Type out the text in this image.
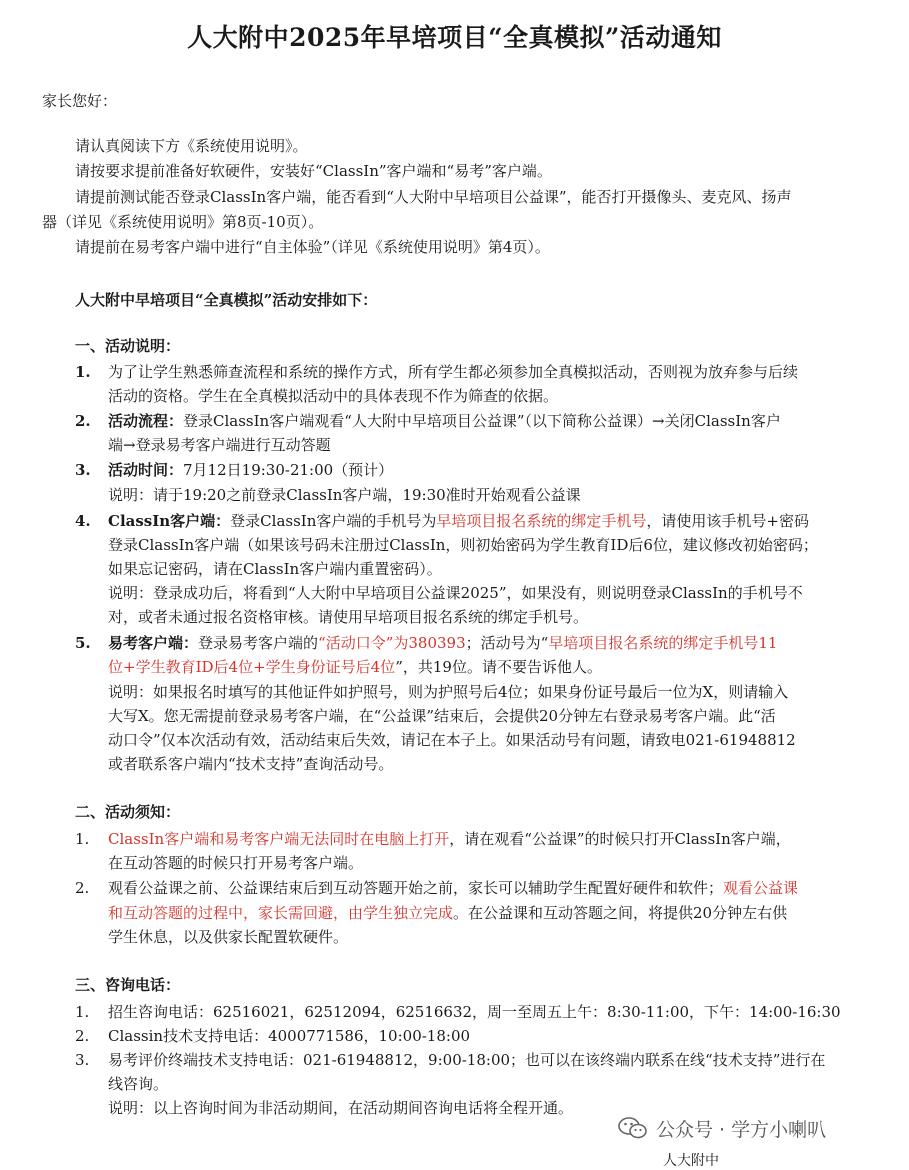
人大附中2025年早培项目“全真模拟”活动通知
家长您好：
请认真阅读下方《系统使用说明》。
请按要求提前准备好软硬件，安装好“ClassIn”客户端和“易考”客户端。
请提前测试能否登录ClassIn客户端，能否看到“人大附中早培项目公益课”，能否打开摄像头、麦克风、扬声
器（详见《系统使用说明》第8页-10页）。
请提前在易考客户端中进行“自主体验”（详见《系统使用说明》第4页）。
人大附中早培项目“全真模拟”活动安排如下：
一、活动说明：
1. 为了让学生熟悉筛查流程和系统的操作方式，所有学生都必须参加全真模拟活动，否则视为放弃参与后续
活动的资格。学生在全真模拟活动中的具体表现不作为筛查的依据。
2. 活动流程：登录ClassIn客户端观看“人大附中早培项目公益课”（以下简称公益课）→关闭ClassIn客户
端→登录易考客户端进行互动答题
3. 活动时间：7月12日19:30-21:00（预计）
说明：请于19:20之前登录ClassIn客户端，19:30准时开始观看公益课
4. ClassIn客户端：登录ClassIn客户端的手机号为早培项目报名系统的绑定手机号，请使用该手机号+密码
登录ClassIn客户端（如果该号码未注册过ClassIn，则初始密码为学生教育ID后6位，建议修改初始密码；
如果忘记密码，请在ClassIn客户端内重置密码）。
说明：登录成功后，将看到“人大附中早培项目公益课2025”，如果没有，则说明登录ClassIn的手机号不
对，或者未通过报名资格审核。请使用早培项目报名系统的绑定手机号。
5. 易考客户端：登录易考客户端的“活动口令”为380393；活动号为“早培项目报名系统的绑定手机号11
位+学生教育ID后4位+学生身份证号后4位”，共19位。请不要告诉他人。
说明：如果报名时填写的其他证件如护照号，则为护照号后4位；如果身份证号最后一位为X，则请输入
大写X。您无需提前登录易考客户端，在“公益课”结束后，会提供20分钟左右登录易考客户端。此“活
动口令”仅本次活动有效，活动结束后失效，请记在本子上。如果活动号有问题，请致电021-61948812
或者联系客户端内“技术支持”查询活动号。
二、活动须知：
1. ClassIn客户端和易考客户端无法同时在电脑上打开，请在观看“公益课”的时候只打开ClassIn客户端，
在互动答题的时候只打开易考客户端。
2. 观看公益课之前、公益课结束后到互动答题开始之前，家长可以辅助学生配置好硬件和软件；观看公益课
和互动答题的过程中，家长需回避，由学生独立完成。在公益课和互动答题之间，将提供20分钟左右供
学生休息，以及供家长配置软硬件。
三、咨询电话：
1. 招生咨询电话：62516021，62512094，62516632，周一至周五上午：8:30-11:00，下午：14:00-16:30
2. Classin技术支持电话：4000771586，10:00-18:00
3. 易考评价终端技术支持电话：021-61948812，9:00-18:00；也可以在该终端内联系在线“技术支持”进行在
线咨询。
说明：以上咨询时间为非活动期间，在活动期间咨询电话将全程开通。
公众号 · 学方小喇叭
人大附中
